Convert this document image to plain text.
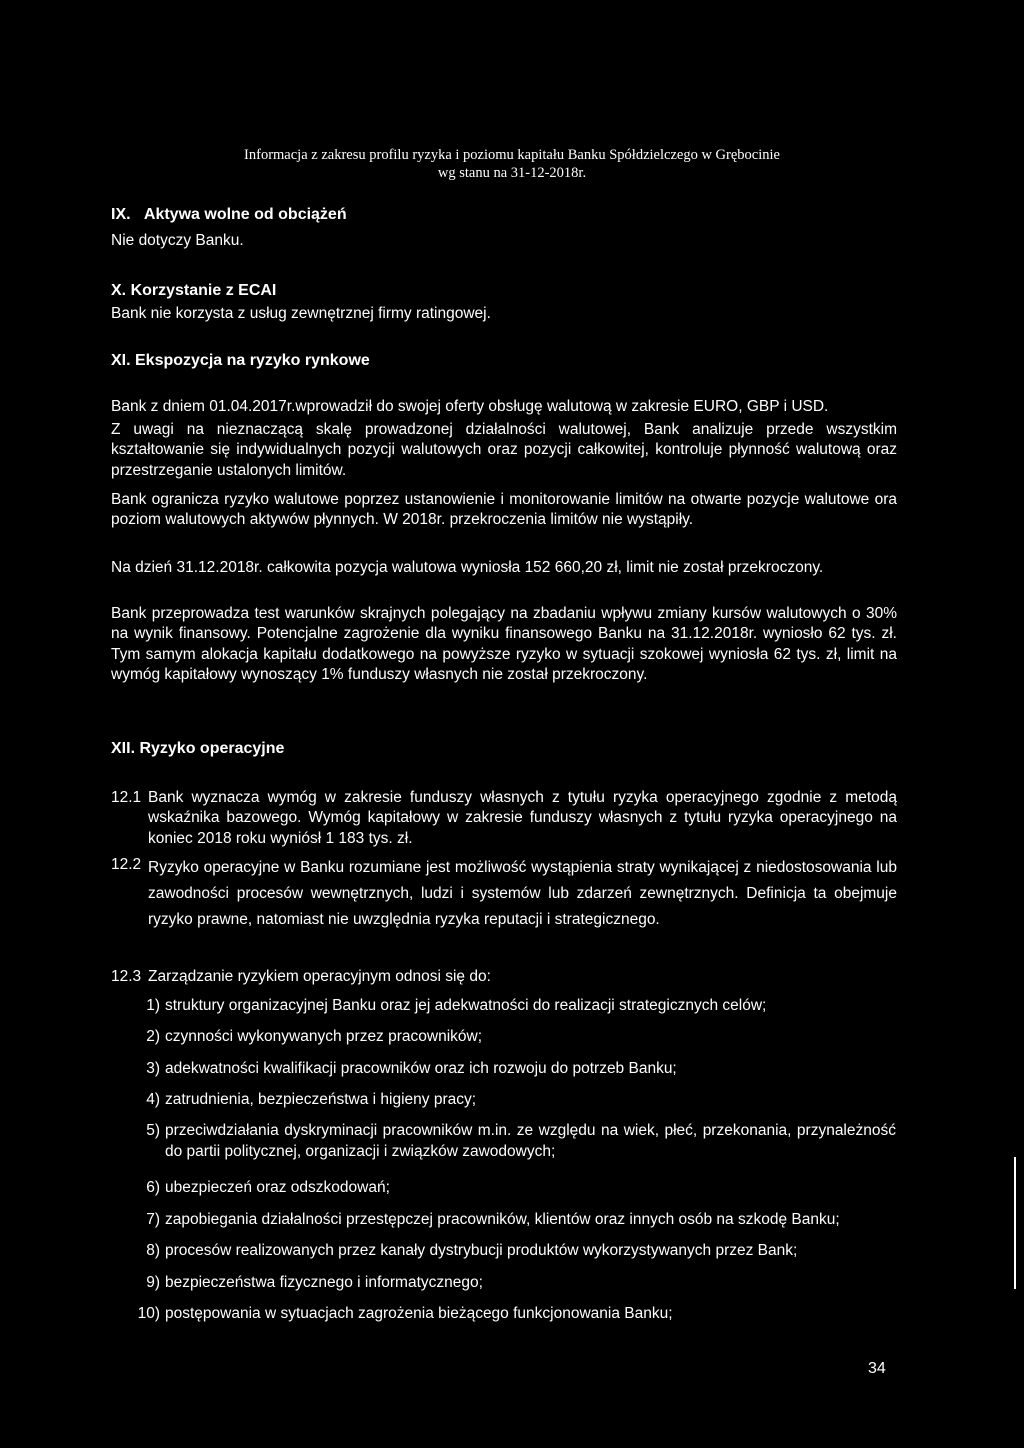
Informacja z zakresu profilu ryzyka i poziomu kapitału Banku Spółdzielczego w Grębocinie
wg stanu na 31-12-2018r.
IX.   Aktywa wolne od obciążeń
Nie dotyczy Banku.
X. Korzystanie z ECAI
Bank nie korzysta z usług zewnętrznej firmy ratingowej.
XI. Ekspozycja na ryzyko rynkowe
Bank z dniem 01.04.2017r.wprowadził do swojej oferty obsługę walutową w zakresie EURO, GBP i USD.
Z uwagi na nieznaczącą skalę prowadzonej działalności walutowej, Bank analizuje przede wszystkim kształtowanie się indywidualnych pozycji walutowych oraz pozycji całkowitej, kontroluje płynność walutową oraz przestrzeganie ustalonych limitów.
Bank ogranicza ryzyko walutowe poprzez ustanowienie i monitorowanie limitów na otwarte pozycje walutowe ora poziom walutowych aktywów płynnych. W 2018r. przekroczenia limitów nie wystąpiły.
Na dzień 31.12.2018r. całkowita pozycja walutowa wyniosła 152 660,20 zł, limit nie został przekroczony.
Bank przeprowadza test warunków skrajnych polegający na zbadaniu wpływu zmiany kursów walutowych o 30% na wynik finansowy. Potencjalne zagrożenie dla wyniku finansowego Banku na 31.12.2018r. wyniosło 62 tys. zł. Tym samym alokacja kapitału dodatkowego na powyższe ryzyko w sytuacji szokowej wyniosła 62 tys. zł, limit na wymóg kapitałowy wynoszący 1% funduszy własnych nie został przekroczony.
XII. Ryzyko operacyjne
12.1 Bank wyznacza wymóg w zakresie funduszy własnych z tytułu ryzyka operacyjnego zgodnie z metodą wskaźnika bazowego. Wymóg kapitałowy w zakresie funduszy własnych z tytułu ryzyka operacyjnego na koniec 2018 roku wyniósł 1 183 tys. zł.
12.2 Ryzyko operacyjne w Banku rozumiane jest możliwość wystąpienia straty wynikającej z niedostosowania lub zawodności procesów wewnętrznych, ludzi i systemów lub zdarzeń zewnętrznych. Definicja ta obejmuje ryzyko prawne, natomiast nie uwzględnia ryzyka reputacji i strategicznego.
12.3 Zarządzanie ryzykiem operacyjnym odnosi się do:
1) struktury organizacyjnej Banku oraz jej adekwatności do realizacji strategicznych celów;
2) czynności wykonywanych przez pracowników;
3) adekwatności kwalifikacji pracowników oraz ich rozwoju do potrzeb Banku;
4) zatrudnienia, bezpieczeństwa i higieny pracy;
5) przeciwdziałania dyskryminacji pracowników m.in. ze względu na wiek, płeć, przekonania, przynależność do partii politycznej, organizacji i związków zawodowych;
6) ubezpieczeń oraz odszkodowań;
7) zapobiegania działalności przestępczej pracowników, klientów oraz innych osób na szkodę Banku;
8) procesów realizowanych przez kanały dystrybucji produktów wykorzystywanych przez Bank;
9) bezpieczeństwa fizycznego i informatycznego;
10) postępowania w sytuacjach zagrożenia bieżącego funkcjonowania Banku;
34
